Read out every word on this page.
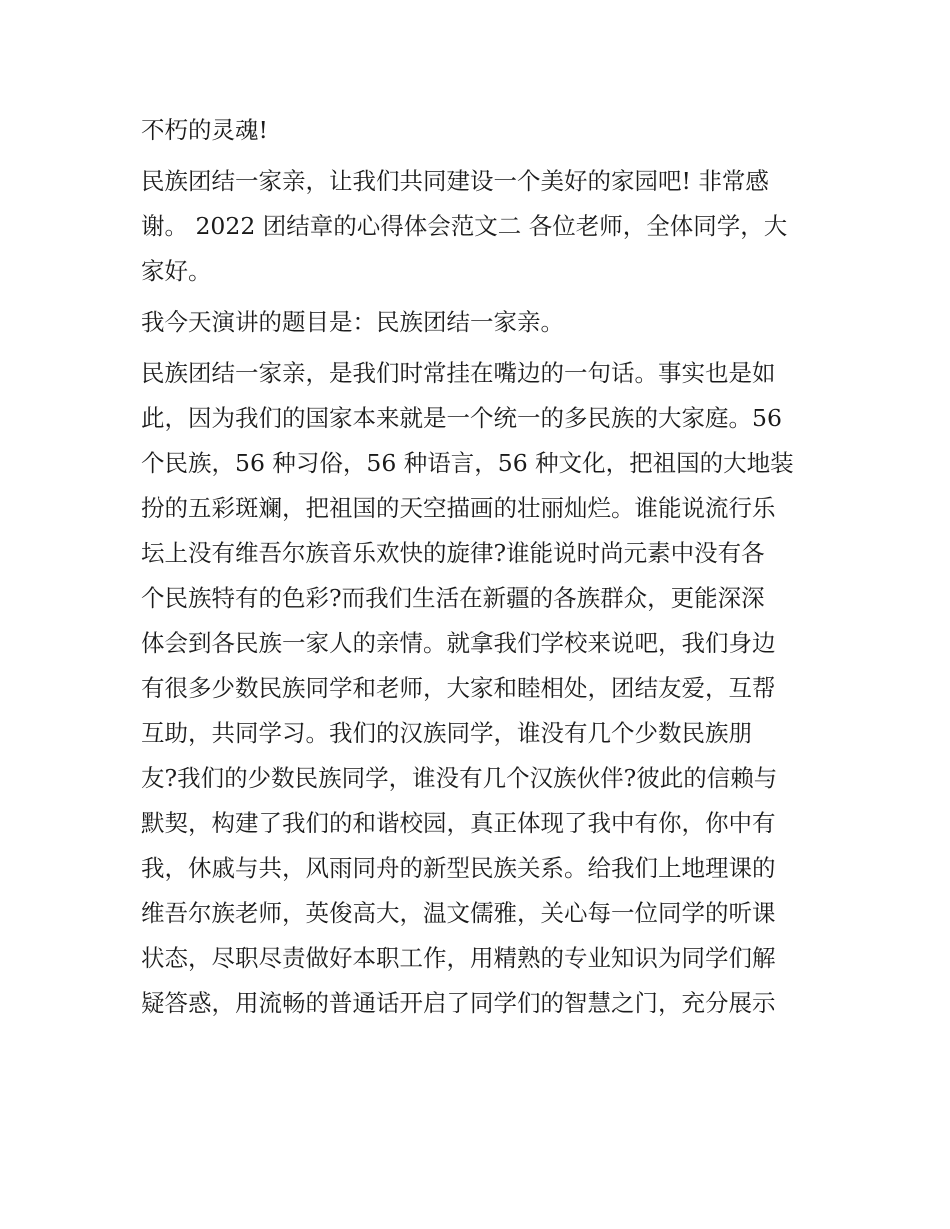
不朽的灵魂!
民族团结一家亲，让我们共同建设一个美好的家园吧! 非常感
谢。 2022 团结章的心得体会范文二 各位老师，全体同学，大
家好。
我今天演讲的题目是：民族团结一家亲。
民族团结一家亲，是我们时常挂在嘴边的一句话。事实也是如
此，因为我们的国家本来就是一个统一的多民族的大家庭。56
个民族，56 种习俗，56 种语言，56 种文化，把祖国的大地装
扮的五彩斑斓，把祖国的天空描画的壮丽灿烂。谁能说流行乐
坛上没有维吾尔族音乐欢快的旋律?谁能说时尚元素中没有各
个民族特有的色彩?而我们生活在新疆的各族群众，更能深深
体会到各民族一家人的亲情。就拿我们学校来说吧，我们身边
有很多少数民族同学和老师，大家和睦相处，团结友爱，互帮
互助，共同学习。我们的汉族同学，谁没有几个少数民族朋
友?我们的少数民族同学，谁没有几个汉族伙伴?彼此的信赖与
默契，构建了我们的和谐校园，真正体现了我中有你，你中有
我，休戚与共，风雨同舟的新型民族关系。给我们上地理课的
维吾尔族老师，英俊高大，温文儒雅，关心每一位同学的听课
状态，尽职尽责做好本职工作，用精熟的专业知识为同学们解
疑答惑，用流畅的普通话开启了同学们的智慧之门，充分展示
